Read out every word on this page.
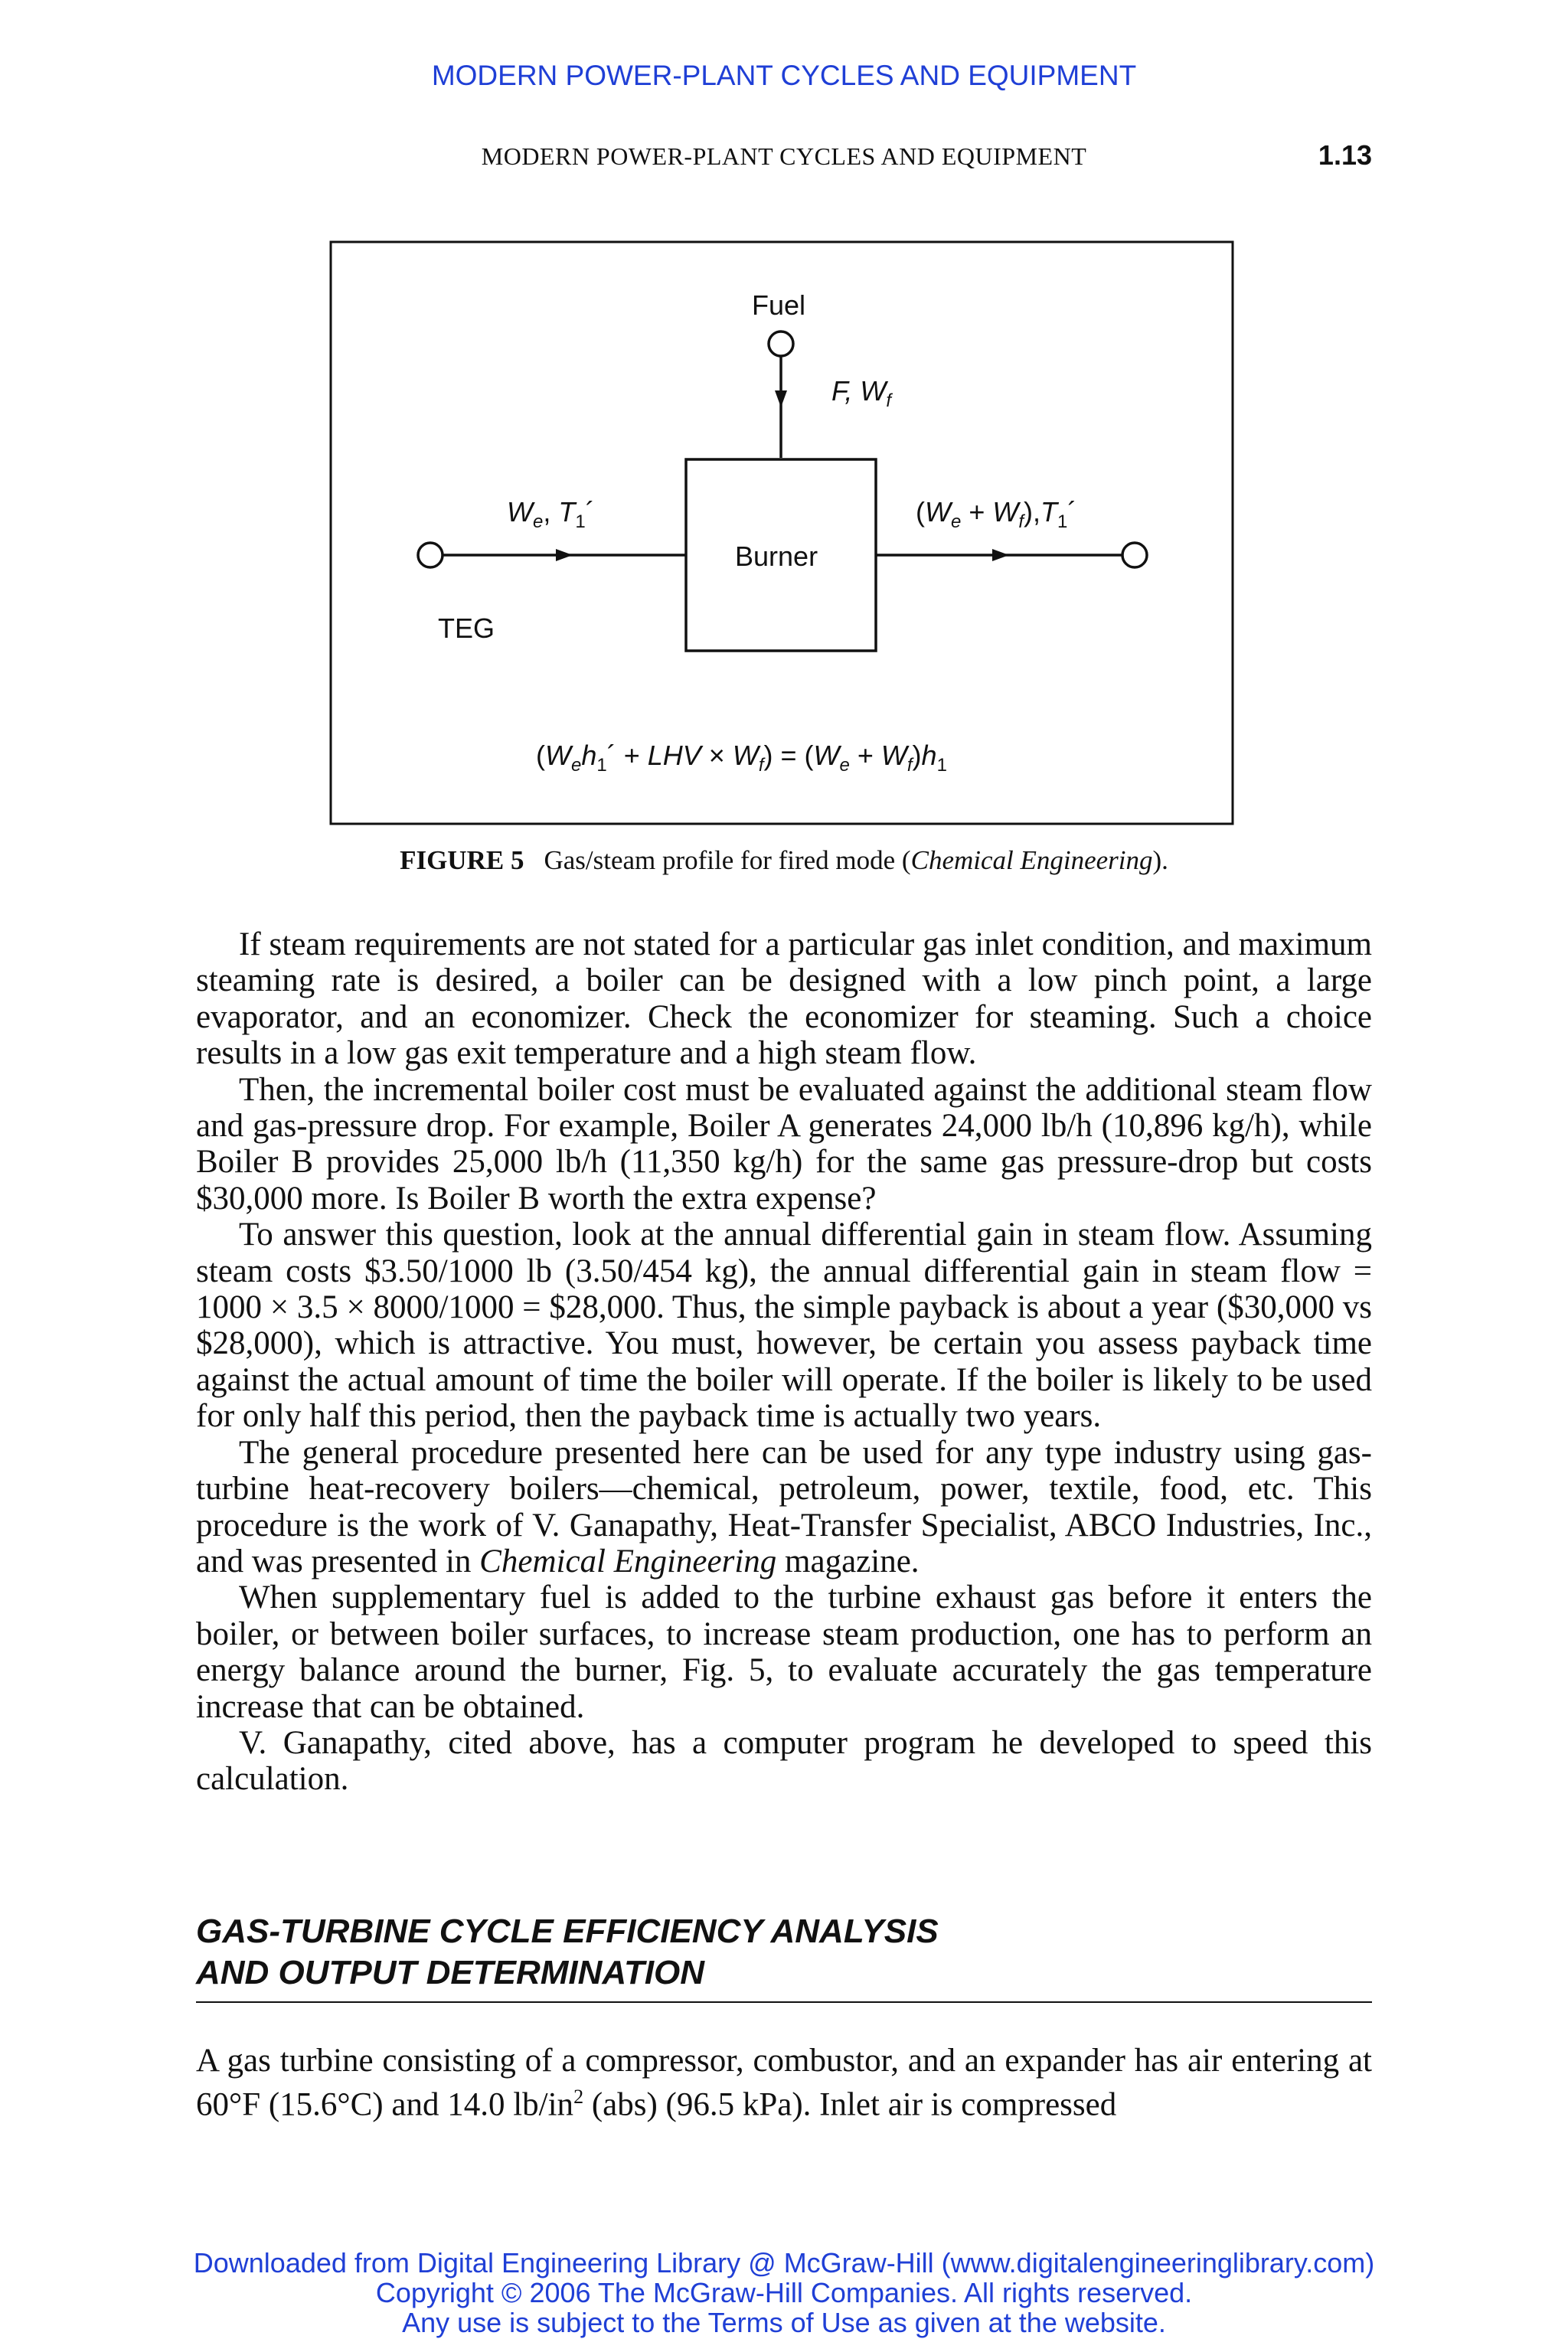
MODERN POWER-PLANT CYCLES AND EQUIPMENT
MODERN POWER-PLANT CYCLES AND EQUIPMENT	1.13
Fuel
F, $W_f$
Burner
TEG
$W_e$, $T_1´$	($W_e$ + $W_f),T_1´$
($W_eh_1´$ + LHV × $W_f) = (W_e + W_f)h_1$
FIGURE 5 Gas/steam profile for fired mode (Chemical Engineering).

If steam requirements are not stated for a particular gas inlet condition, and maximum steaming rate is desired, a boiler can be designed with a low pinch point, a large evaporator, and an economizer. Check the economizer for steaming. Such a choice results in a low gas exit temperature and a high steam flow.

Then, the incremental boiler cost must be evaluated against the additional steam flow and gas-pressure drop. For example, Boiler A generates 24,000 lb/h (10,896 kg/h), while Boiler B provides 25,000 lb/h (11,350 kg/h) for the same gas pressure-drop but costs $30,000 more. Is Boiler B worth the extra expense?

To answer this question, look at the annual differential gain in steam flow. Assuming steam costs $3.50/1000 lb (3.50/454 kg), the annual differential gain in steam flow = 1000 × 3.5 × 8000/1000 = $28,000. Thus, the simple payback is about a year ($30,000 vs $28,000), which is attractive. You must, however, be certain you assess payback time against the actual amount of time the boiler will operate. If the boiler is likely to be used for only half this period, then the payback time is actually two years.

The general procedure presented here can be used for any type industry using gas-turbine heat-recovery boilers—chemical, petroleum, power, textile, food, etc. This procedure is the work of V. Ganapathy, Heat-Transfer Specialist, ABCO Industries, Inc., and was presented in Chemical Engineering magazine.

When supplementary fuel is added to the turbine exhaust gas before it enters the boiler, or between boiler surfaces, to increase steam production, one has to perform an energy balance around the burner, Fig. 5, to evaluate accurately the gas temperature increase that can be obtained.

V. Ganapathy, cited above, has a computer program he developed to speed this calculation.

GAS-TURBINE CYCLE EFFICIENCY ANALYSIS
AND OUTPUT DETERMINATION

A gas turbine consisting of a compressor, combustor, and an expander has air entering at 60°F (15.6°C) and 14.0 $lb/in^2$ (abs) (96.5 kPa). Inlet air is compressed

Downloaded from Digital Engineering Library @ McGraw-Hill (www.digitalengineeringlibrary.com)
Copyright © 2006 The McGraw-Hill Companies. All rights reserved.
Any use is subject to the Terms of Use as given at the website.
